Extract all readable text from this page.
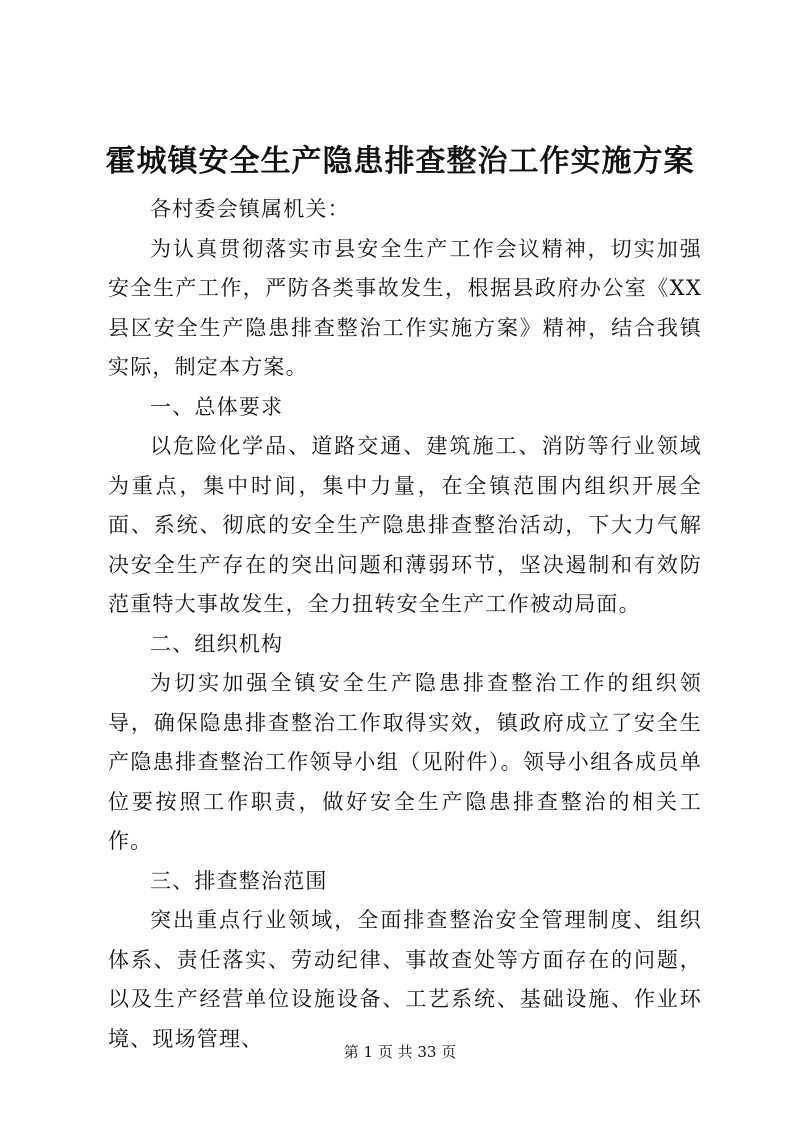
霍城镇安全生产隐患排查整治工作实施方案

各村委会镇属机关：

为认真贯彻落实市县安全生产工作会议精神，切实加强安全生产工作，严防各类事故发生，根据县政府办公室《XX县区安全生产隐患排查整治工作实施方案》精神，结合我镇实际，制定本方案。

一、总体要求

以危险化学品、道路交通、建筑施工、消防等行业领域为重点，集中时间，集中力量，在全镇范围内组织开展全面、系统、彻底的安全生产隐患排查整治活动，下大力气解决安全生产存在的突出问题和薄弱环节，坚决遏制和有效防范重特大事故发生，全力扭转安全生产工作被动局面。

二、组织机构

为切实加强全镇安全生产隐患排查整治工作的组织领导，确保隐患排查整治工作取得实效，镇政府成立了安全生产隐患排查整治工作领导小组（见附件）。领导小组各成员单位要按照工作职责，做好安全生产隐患排查整治的相关工作。

三、排查整治范围

突出重点行业领域，全面排查整治安全管理制度、组织体系、责任落实、劳动纪律、事故查处等方面存在的问题，以及生产经营单位设施设备、工艺系统、基础设施、作业环境、现场管理、

第 1 页 共 33 页
